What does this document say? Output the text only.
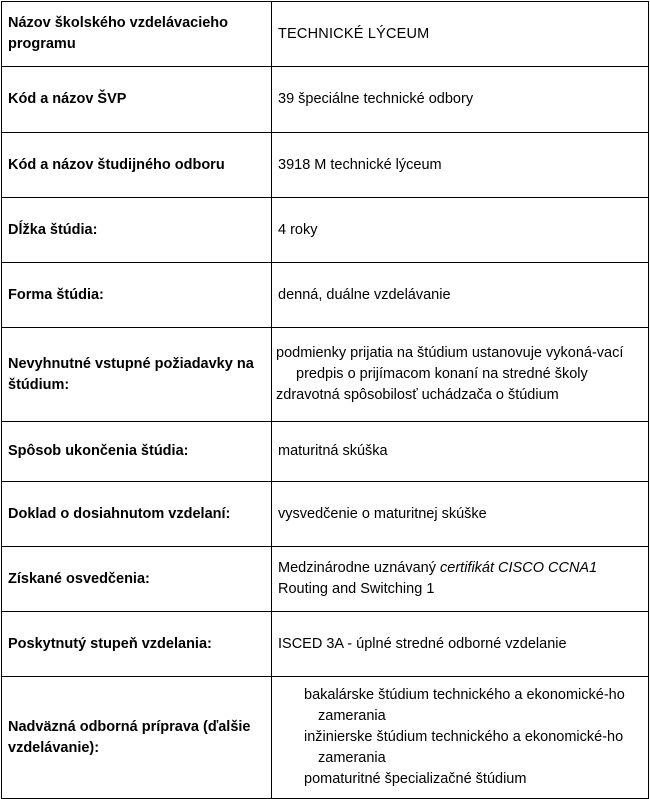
Názov školského vzdelávacieho programu	TECHNICKÉ LÝCEUM
Kód a názov ŠVP	39 špeciálne technické odbory
Kód a názov študijného odboru	3918 M technické lýceum
Dĺžka štúdia:	4 roky
Forma štúdia:	denná, duálne vzdelávanie
Nevyhnutné vstupné požiadavky na štúdium:	podmienky prijatia na štúdium ustanovuje vykoná-vací predpis o prijímacom konaní na stredné školy
zdravotná spôsobilosť uchádzača o štúdium

Spôsob ukončenia štúdia:	maturitná skúška
Doklad o dosiahnutom vzdelaní:	vysvedčenie o maturitnej skúške
Získané osvedčenia:	Medzinárodne uznávaný certifikát CISCO CCNA1 Routing and Switching 1
Poskytnutý stupeň vzdelania:	ISCED 3A - úplné stredné odborné vzdelanie
Nadväzná odborná príprava (ďalšie vzdelávanie):	bakalárske štúdium technického a ekonomické-ho zamerania
inžinierske štúdium technického a ekonomické-ho zamerania
pomaturitné špecializačné štúdium
